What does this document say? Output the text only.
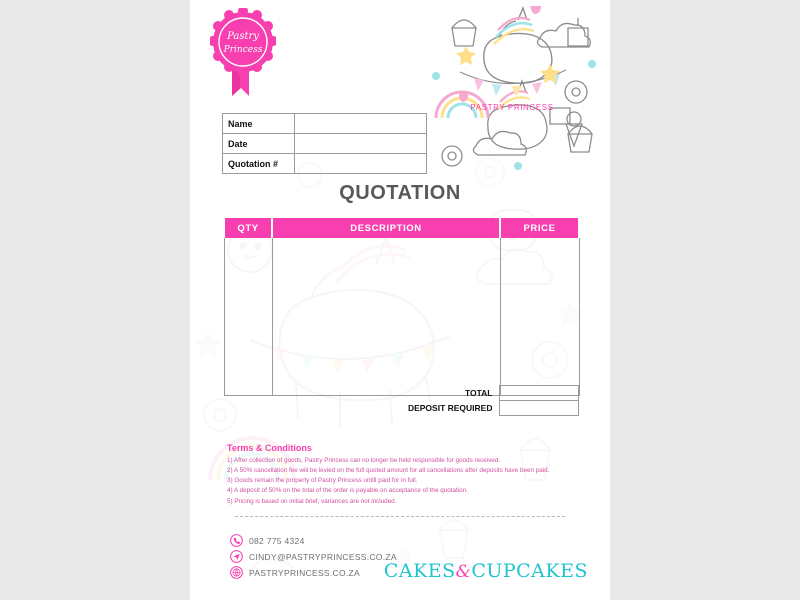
Pastry
Princess
PASTRY PRINCESS
Name	
Date	
Quotation #	
QUOTATION
QTY	DESCRIPTION	PRICE

TOTAL	
DEPOSIT REQUIRED	
Terms & Conditions

1) After collection of goods, Pastry Princess can no longer be held responsible for goods received.

2) A 50% cancellation fee will be levied on the full quoted amount for all cancellations after deposits have been paid.

3) Goods remain the property of Pastry Princess untill paid for in full.

4) A deposit of 50% on the total of the order is payable on acceptance of the quotation.

5) Pricing is based on initial brief, variances are not included.

082 775 4324
CINDY@PASTRYPRINCESS.CO.ZA
PASTRYPRINCESS.CO.ZA CAKES&CUPCAKES
